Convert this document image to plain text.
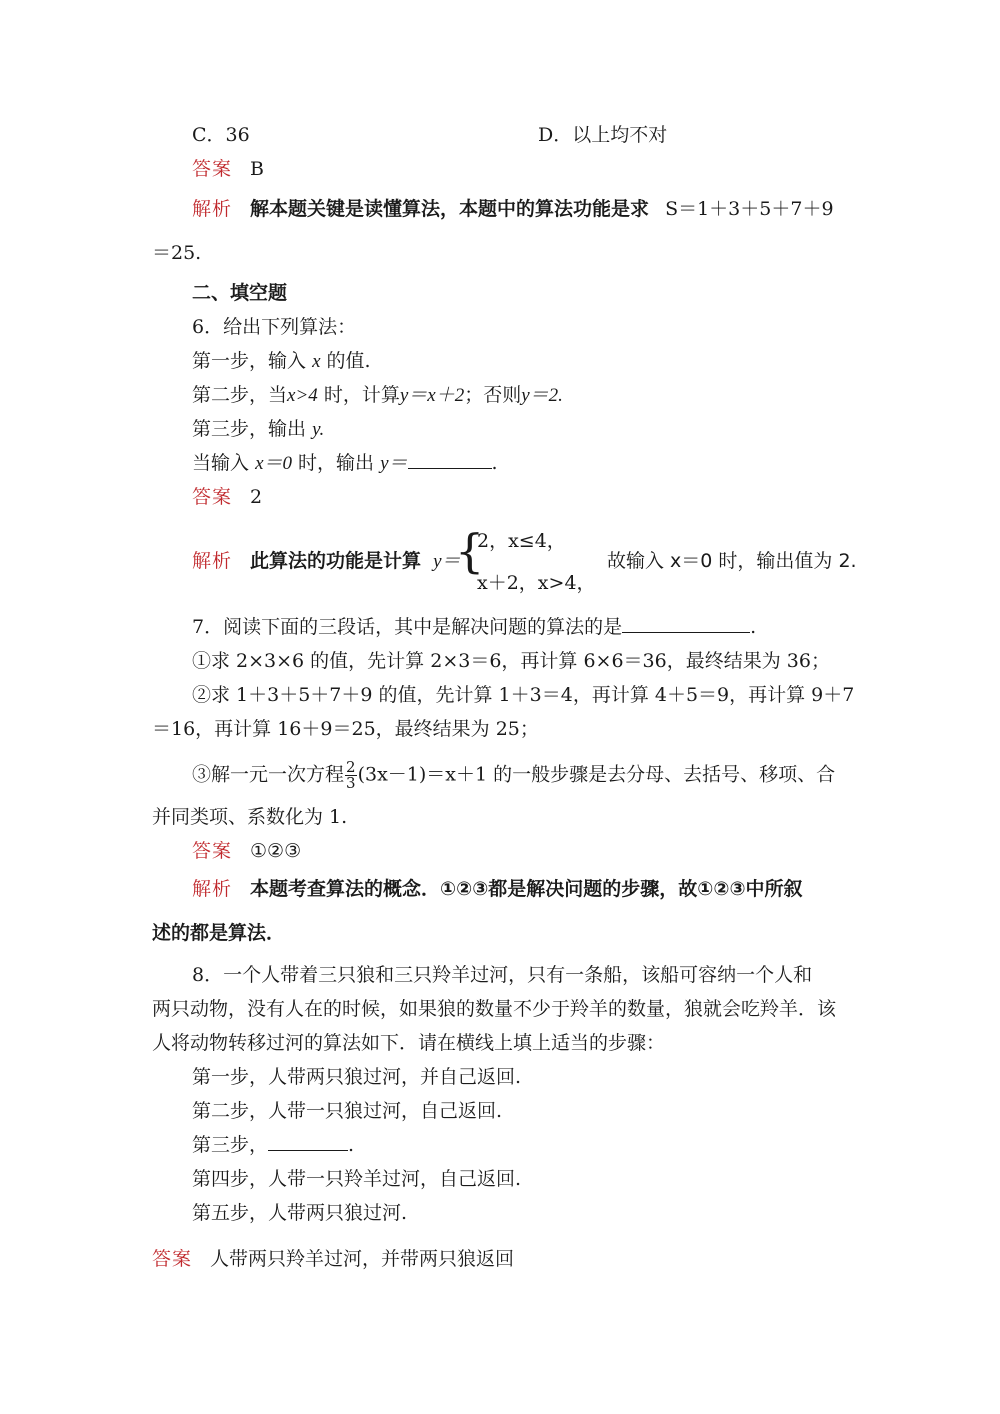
C．36	D．以上均不对
答案 B
解析 解本题关键是读懂算法，本题中的算法功能是求 S＝1＋3＋5＋7＋9
＝25.
二、填空题
6．给出下列算法：
第一步，输入 x 的值.
第二步，当x>4 时，计算y＝x＋2；否则y＝2.
第三步，输出 y.
当输入 x＝0 时，输出 y＝	.
答案 2
解析 此算法的功能是计算 y＝
{
2，x≤4，
x＋2，x>4，
故输入 x＝0 时，输出值为 2.
7．阅读下面的三段话，其中是解决问题的算法的是	.
①求 2×3×6 的值，先计算 2×3＝6，再计算 6×6＝36，最终结果为 36；
②求 1＋3＋5＋7＋9 的值，先计算 1＋3＝4，再计算 4＋5＝9，再计算 9＋7
＝16，再计算 16＋9＝25，最终结果为 25；
③解一元一次方程 $\frac{2}{3} (3x-1)=x+1$ 的一般步骤是去分母、去括号、移项、合
并同类项、系数化为 1.
答案 ①②③
解析 本题考查算法的概念．①②③都是解决问题的步骤，故①②③中所叙
述的都是算法．
8．一个人带着三只狼和三只羚羊过河，只有一条船，该船可容纳一个人和
两只动物，没有人在的时候，如果狼的数量不少于羚羊的数量，狼就会吃羚羊．该
人将动物转移过河的算法如下．请在横线上填上适当的步骤：
第一步，人带两只狼过河，并自己返回.
第二步，人带一只狼过河，自己返回.
第三步，	.
第四步，人带一只羚羊过河，自己返回.
第五步，人带两只狼过河.
答案 人带两只羚羊过河，并带两只狼返回
